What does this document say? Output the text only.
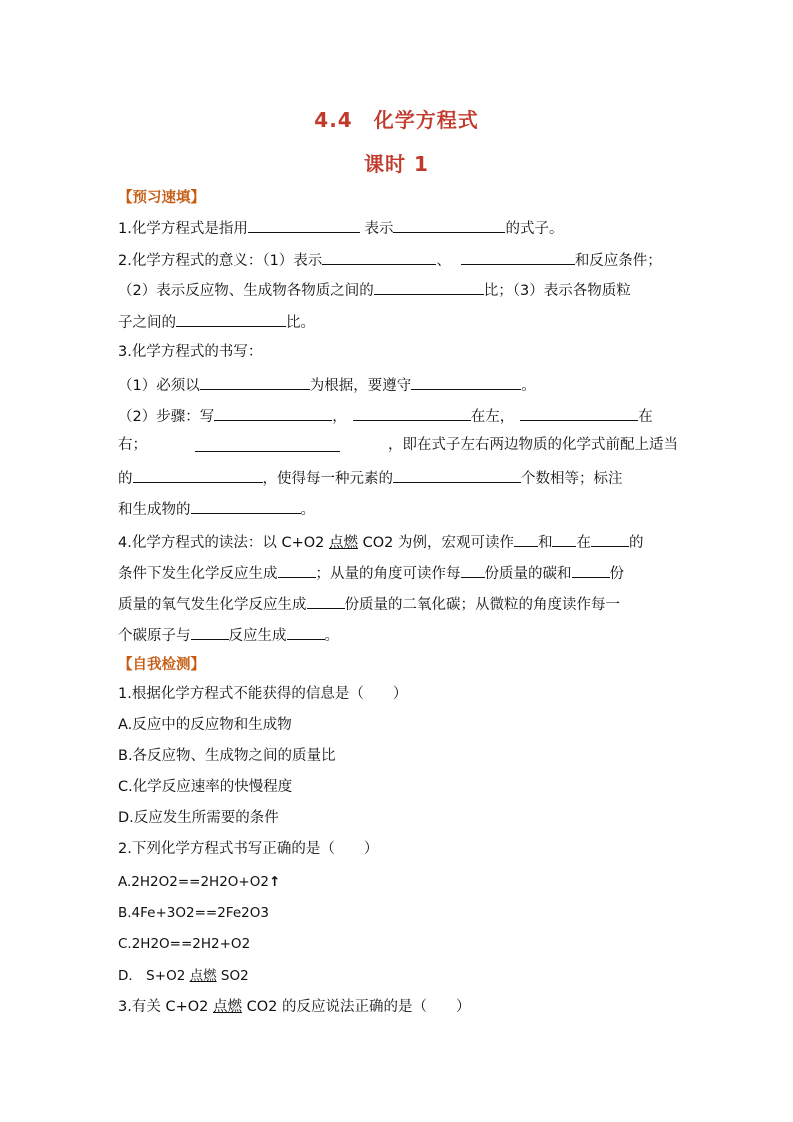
4.4　化学方程式
课时 1
【预习速填】
1.化学方程式是指用	表示	的式子。
2.化学方程式的意义：（1）表示	、	和反应条件；
（2）表示反应物、生成物各物质之间的	比；（3）表示各物质粒
子之间的	比。
3.化学方程式的书写：
（1）必须以	为根据，要遵守	。
（2）步骤：写	，	在左，	在
右；	，即在式子左右两边物质的化学式前配上适当
的	，使得每一种元素的	个数相等；标注
和生成物的	。
4.化学方程式的读法：以 C+O2 点燃 CO2 为例，宏观可读作 和 在	的
条件下发生化学反应生成	；从量的角度可读作每 份质量的碳和	份
质量的氧气发生化学反应生成	份质量的二氧化碳；从微粒的角度读作每一
个碳原子与	反应生成	。
【自我检测】
1.根据化学方程式不能获得的信息是（　　）
A.反应中的反应物和生成物
B.各反应物、生成物之间的质量比
C.化学反应速率的快慢程度
D.反应发生所需要的条件
2.下列化学方程式书写正确的是（　　）
A.2H2O2==2H2O+O2↑
B.4Fe+3O2==2Fe2O3
C.2H2O==2H2+O2
D． S+O2 点燃 SO2
3.有关 C+O2 点燃 CO2 的反应说法正确的是（　　）
